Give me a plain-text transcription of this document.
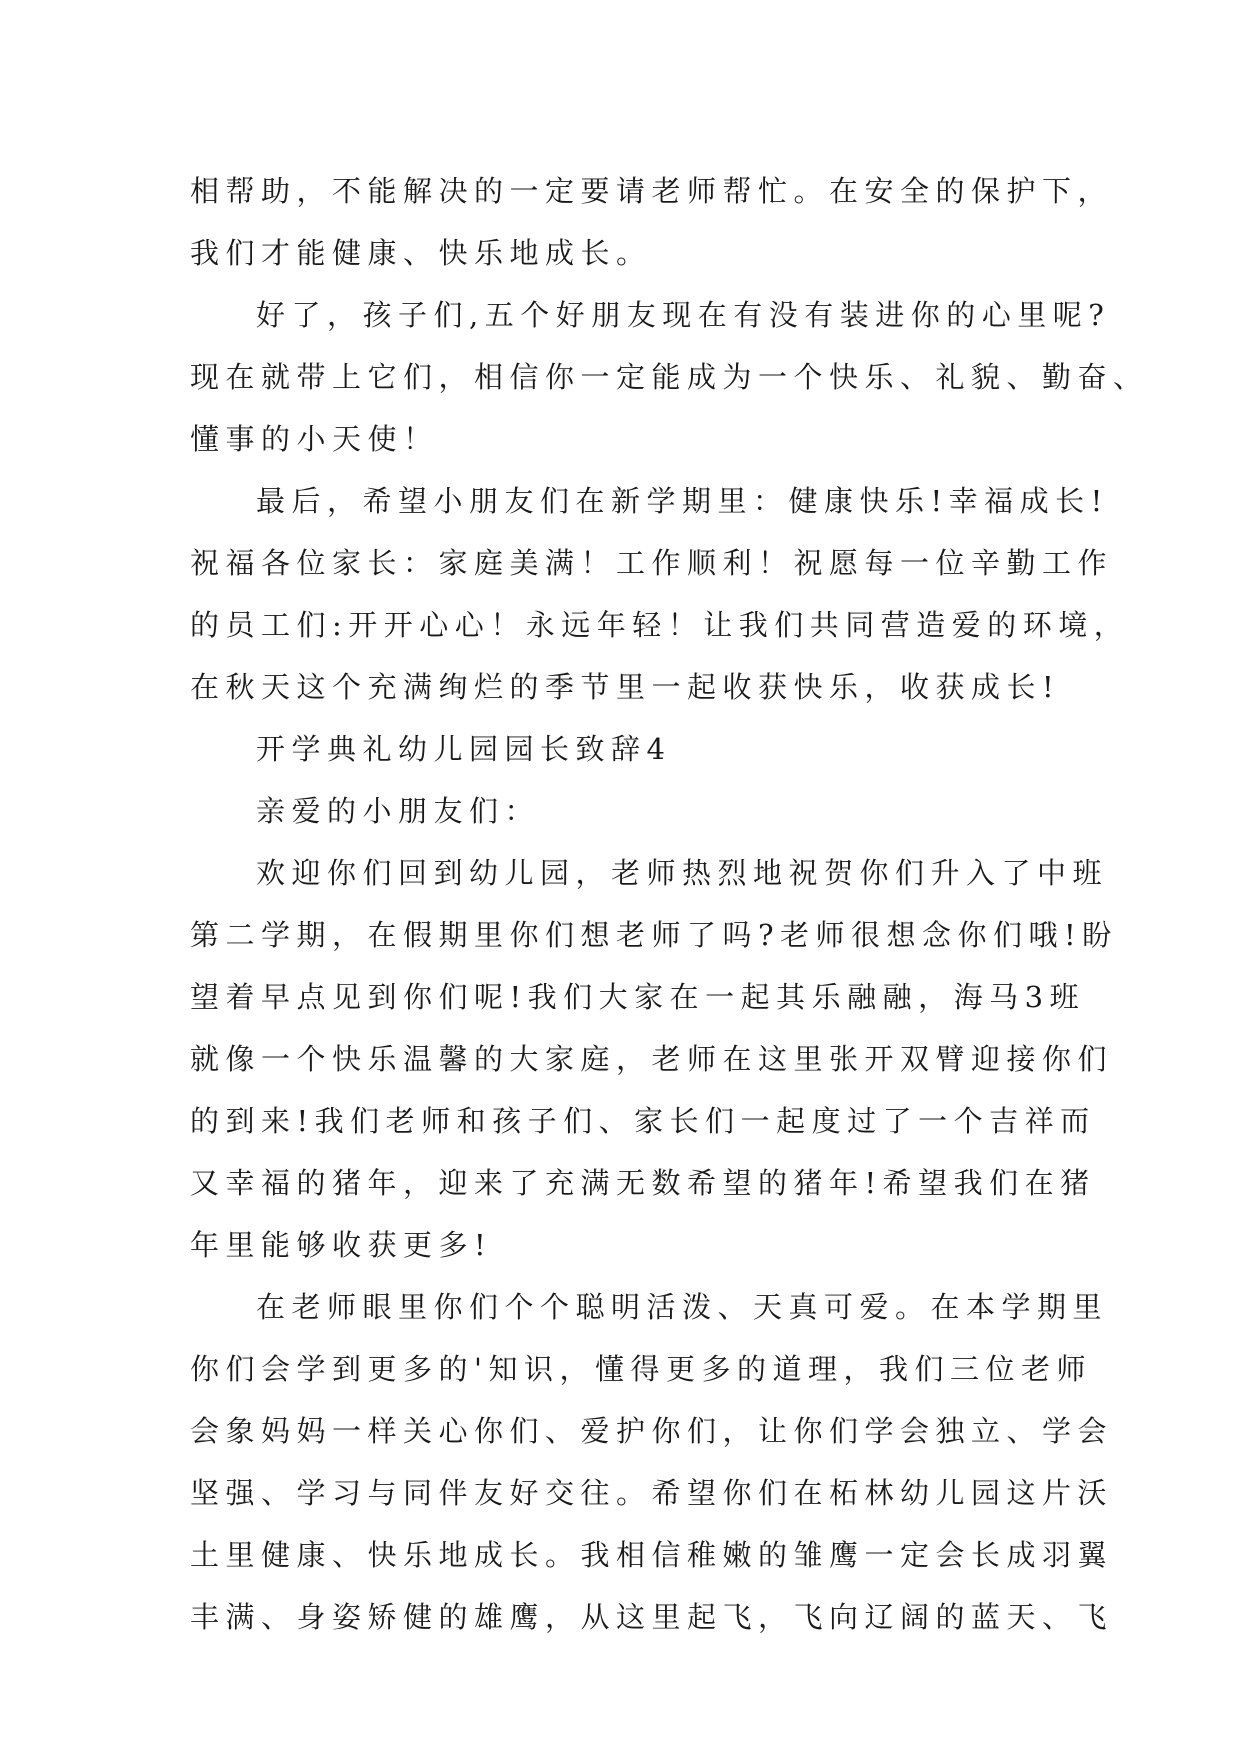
相帮助，不能解决的一定要请老师帮忙。在安全的保护下，
我们才能健康、快乐地成长。
好了，孩子们,五个好朋友现在有没有装进你的心里呢?
现在就带上它们，相信你一定能成为一个快乐、礼貌、勤奋、
懂事的小天使！
最后，希望小朋友们在新学期里：健康快乐!幸福成长!
祝福各位家长：家庭美满！工作顺利！祝愿每一位辛勤工作
的员工们:开开心心！永远年轻！让我们共同营造爱的环境，
在秋天这个充满绚烂的季节里一起收获快乐，收获成长!
开学典礼幼儿园园长致辞4
亲爱的小朋友们：
欢迎你们回到幼儿园，老师热烈地祝贺你们升入了中班
第二学期，在假期里你们想老师了吗?老师很想念你们哦!盼
望着早点见到你们呢!我们大家在一起其乐融融，海马3班
就像一个快乐温馨的大家庭，老师在这里张开双臂迎接你们
的到来!我们老师和孩子们、家长们一起度过了一个吉祥而
又幸福的猪年，迎来了充满无数希望的猪年!希望我们在猪
年里能够收获更多!
在老师眼里你们个个聪明活泼、天真可爱。在本学期里
你们会学到更多的'知识，懂得更多的道理，我们三位老师
会象妈妈一样关心你们、爱护你们，让你们学会独立、学会
坚强、学习与同伴友好交往。希望你们在柘林幼儿园这片沃
土里健康、快乐地成长。我相信稚嫩的雏鹰一定会长成羽翼
丰满、身姿矫健的雄鹰，从这里起飞，飞向辽阔的蓝天、飞
